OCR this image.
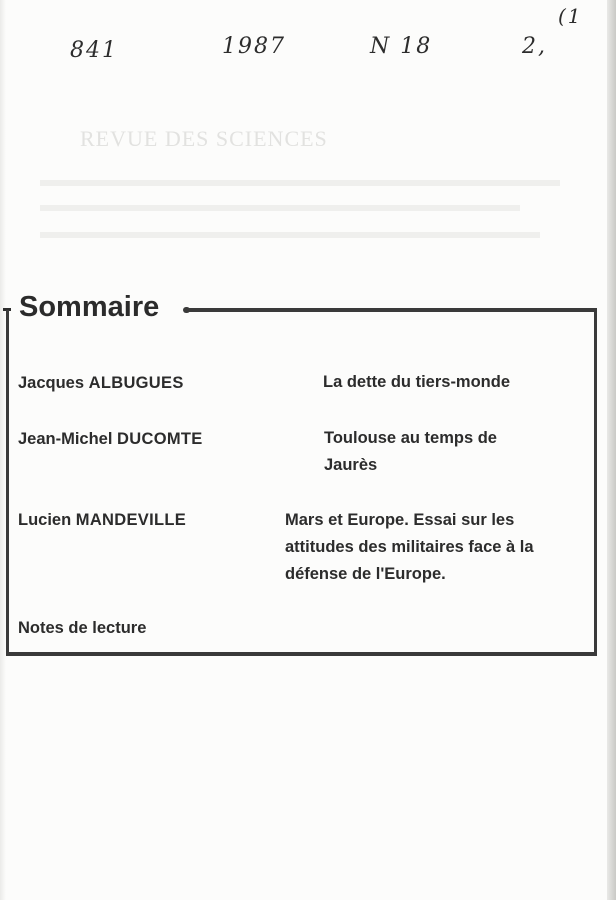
REVUE DES SCIENCES
841	1987	N 18	2,
(1
Sommaire
Jacques ALBUGUES	La dette du tiers-monde
Jean-Michel DUCOMTE	Toulouse au temps de
Jaurès
Lucien MANDEVILLE	Mars et Europe. Essai sur les
attitudes des militaires face à la
défense de l'Europe.
Notes de lecture
